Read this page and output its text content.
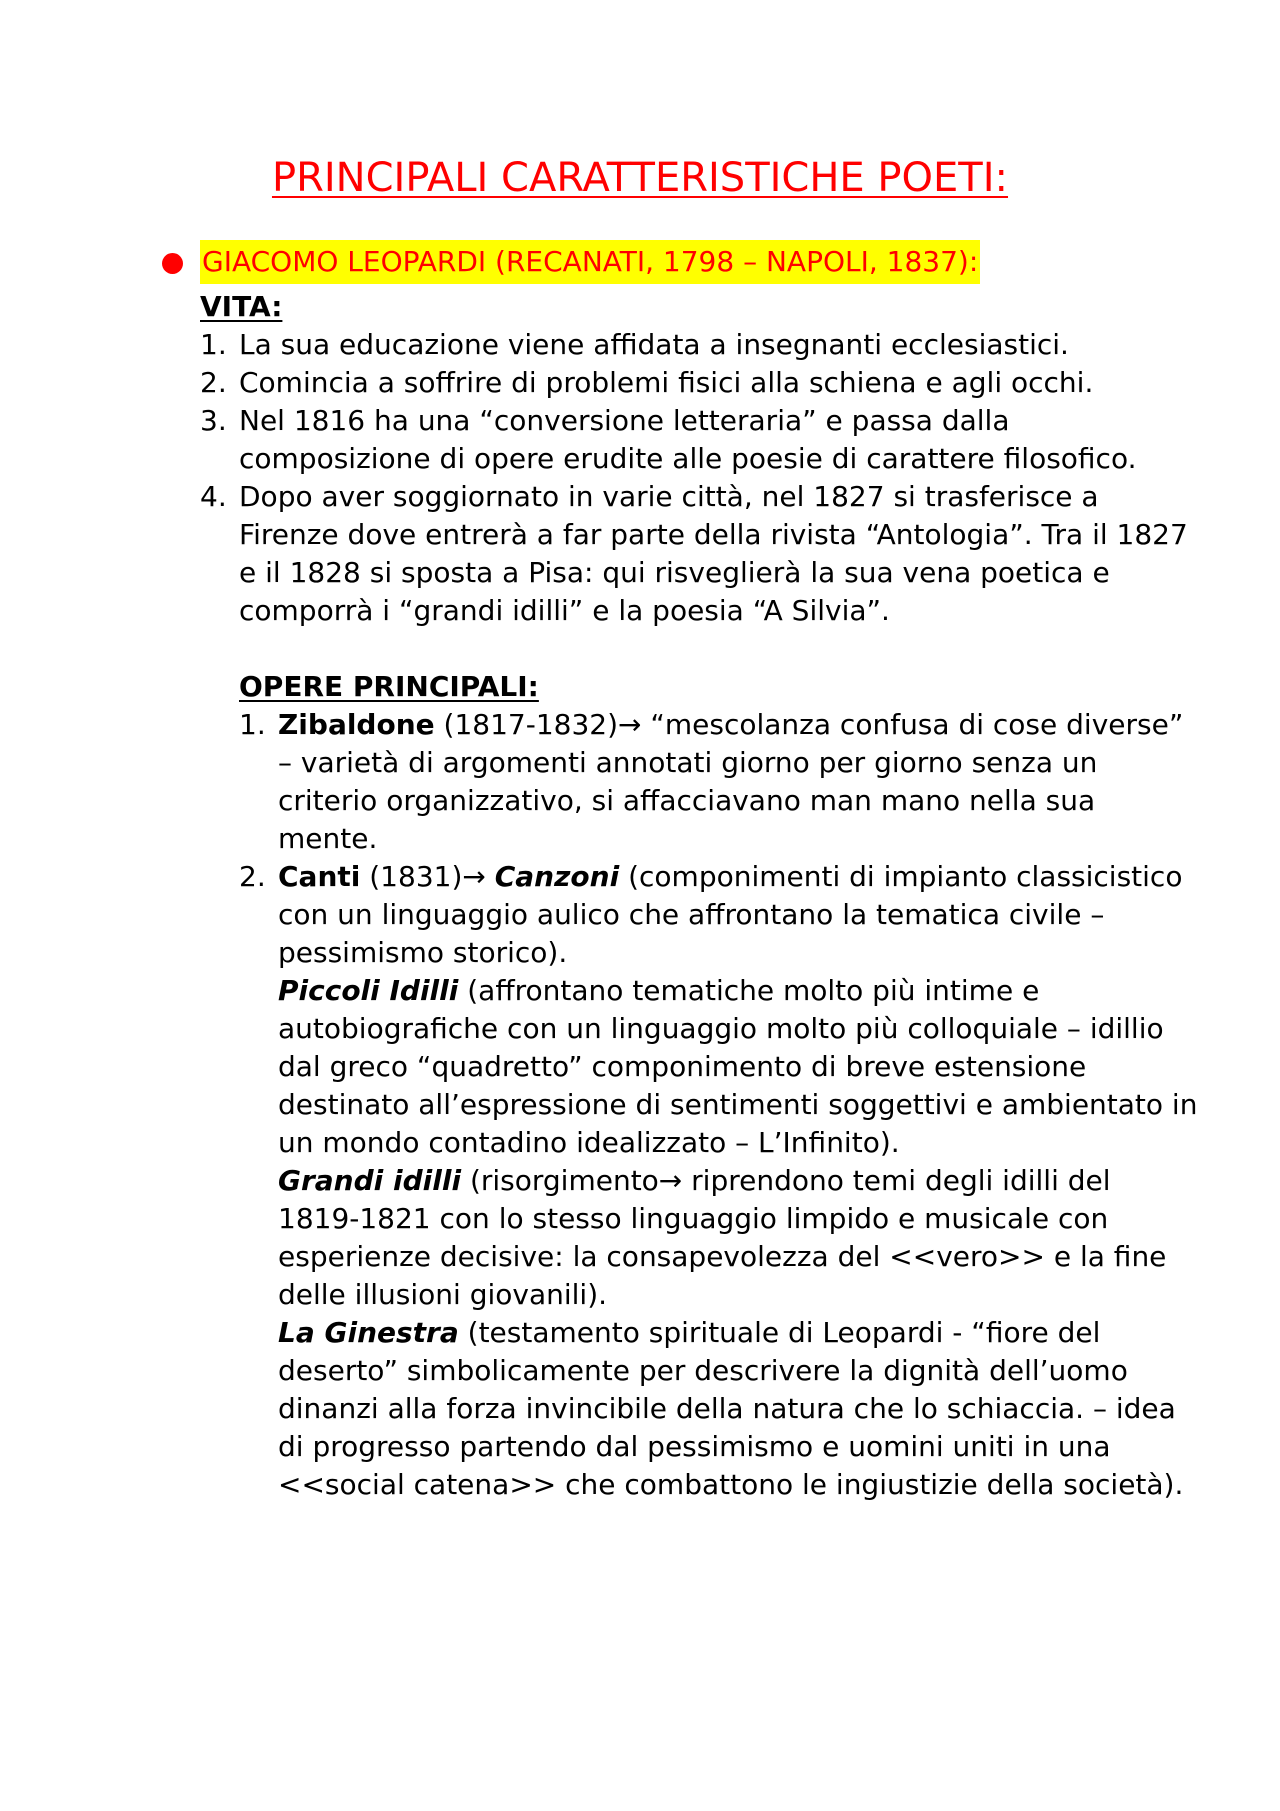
PRINCIPALI CARATTERISTICHE POETI:
GIACOMO LEOPARDI (RECANATI, 1798 – NAPOLI, 1837):
VITA:
1. La sua educazione viene affidata a insegnanti ecclesiastici.
2. Comincia a soffrire di problemi fisici alla schiena e agli occhi.
3. Nel 1816 ha una “conversione letteraria” e passa dalla composizione di opere erudite alle poesie di carattere filosofico.
4. Dopo aver soggiornato in varie città, nel 1827 si trasferisce a Firenze dove entrerà a far parte della rivista “Antologia”. Tra il 1827 e il 1828 si sposta a Pisa: qui risveglierà la sua vena poetica e comporrà i “grandi idilli” e la poesia “A Silvia”.
OPERE PRINCIPALI:
1. Zibaldone (1817-1832)→ “mescolanza confusa di cose diverse” – varietà di argomenti annotati giorno per giorno senza un criterio organizzativo, si affacciavano man mano nella sua mente.
2. Canti (1831)→ Canzoni (componimenti di impianto classicistico con un linguaggio aulico che affrontano la tematica civile – pessimismo storico).

Piccoli Idilli (affrontano tematiche molto più intime e autobiografiche con un linguaggio molto più colloquiale – idillio dal greco “quadretto” componimento di breve estensione destinato all’espressione di sentimenti soggettivi e ambientato in un mondo contadino idealizzato – L’Infinito).

Grandi idilli (risorgimento→ riprendono temi degli idilli del 1819-1821 con lo stesso linguaggio limpido e musicale con esperienze decisive: la consapevolezza del <<vero>> e la fine delle illusioni giovanili).

La Ginestra (testamento spirituale di Leopardi - “fiore del deserto” simbolicamente per descrivere la dignità dell’uomo dinanzi alla forza invincibile della natura che lo schiaccia. – idea di progresso partendo dal pessimismo e uomini uniti in una <<social catena>> che combattono le ingiustizie della società).
